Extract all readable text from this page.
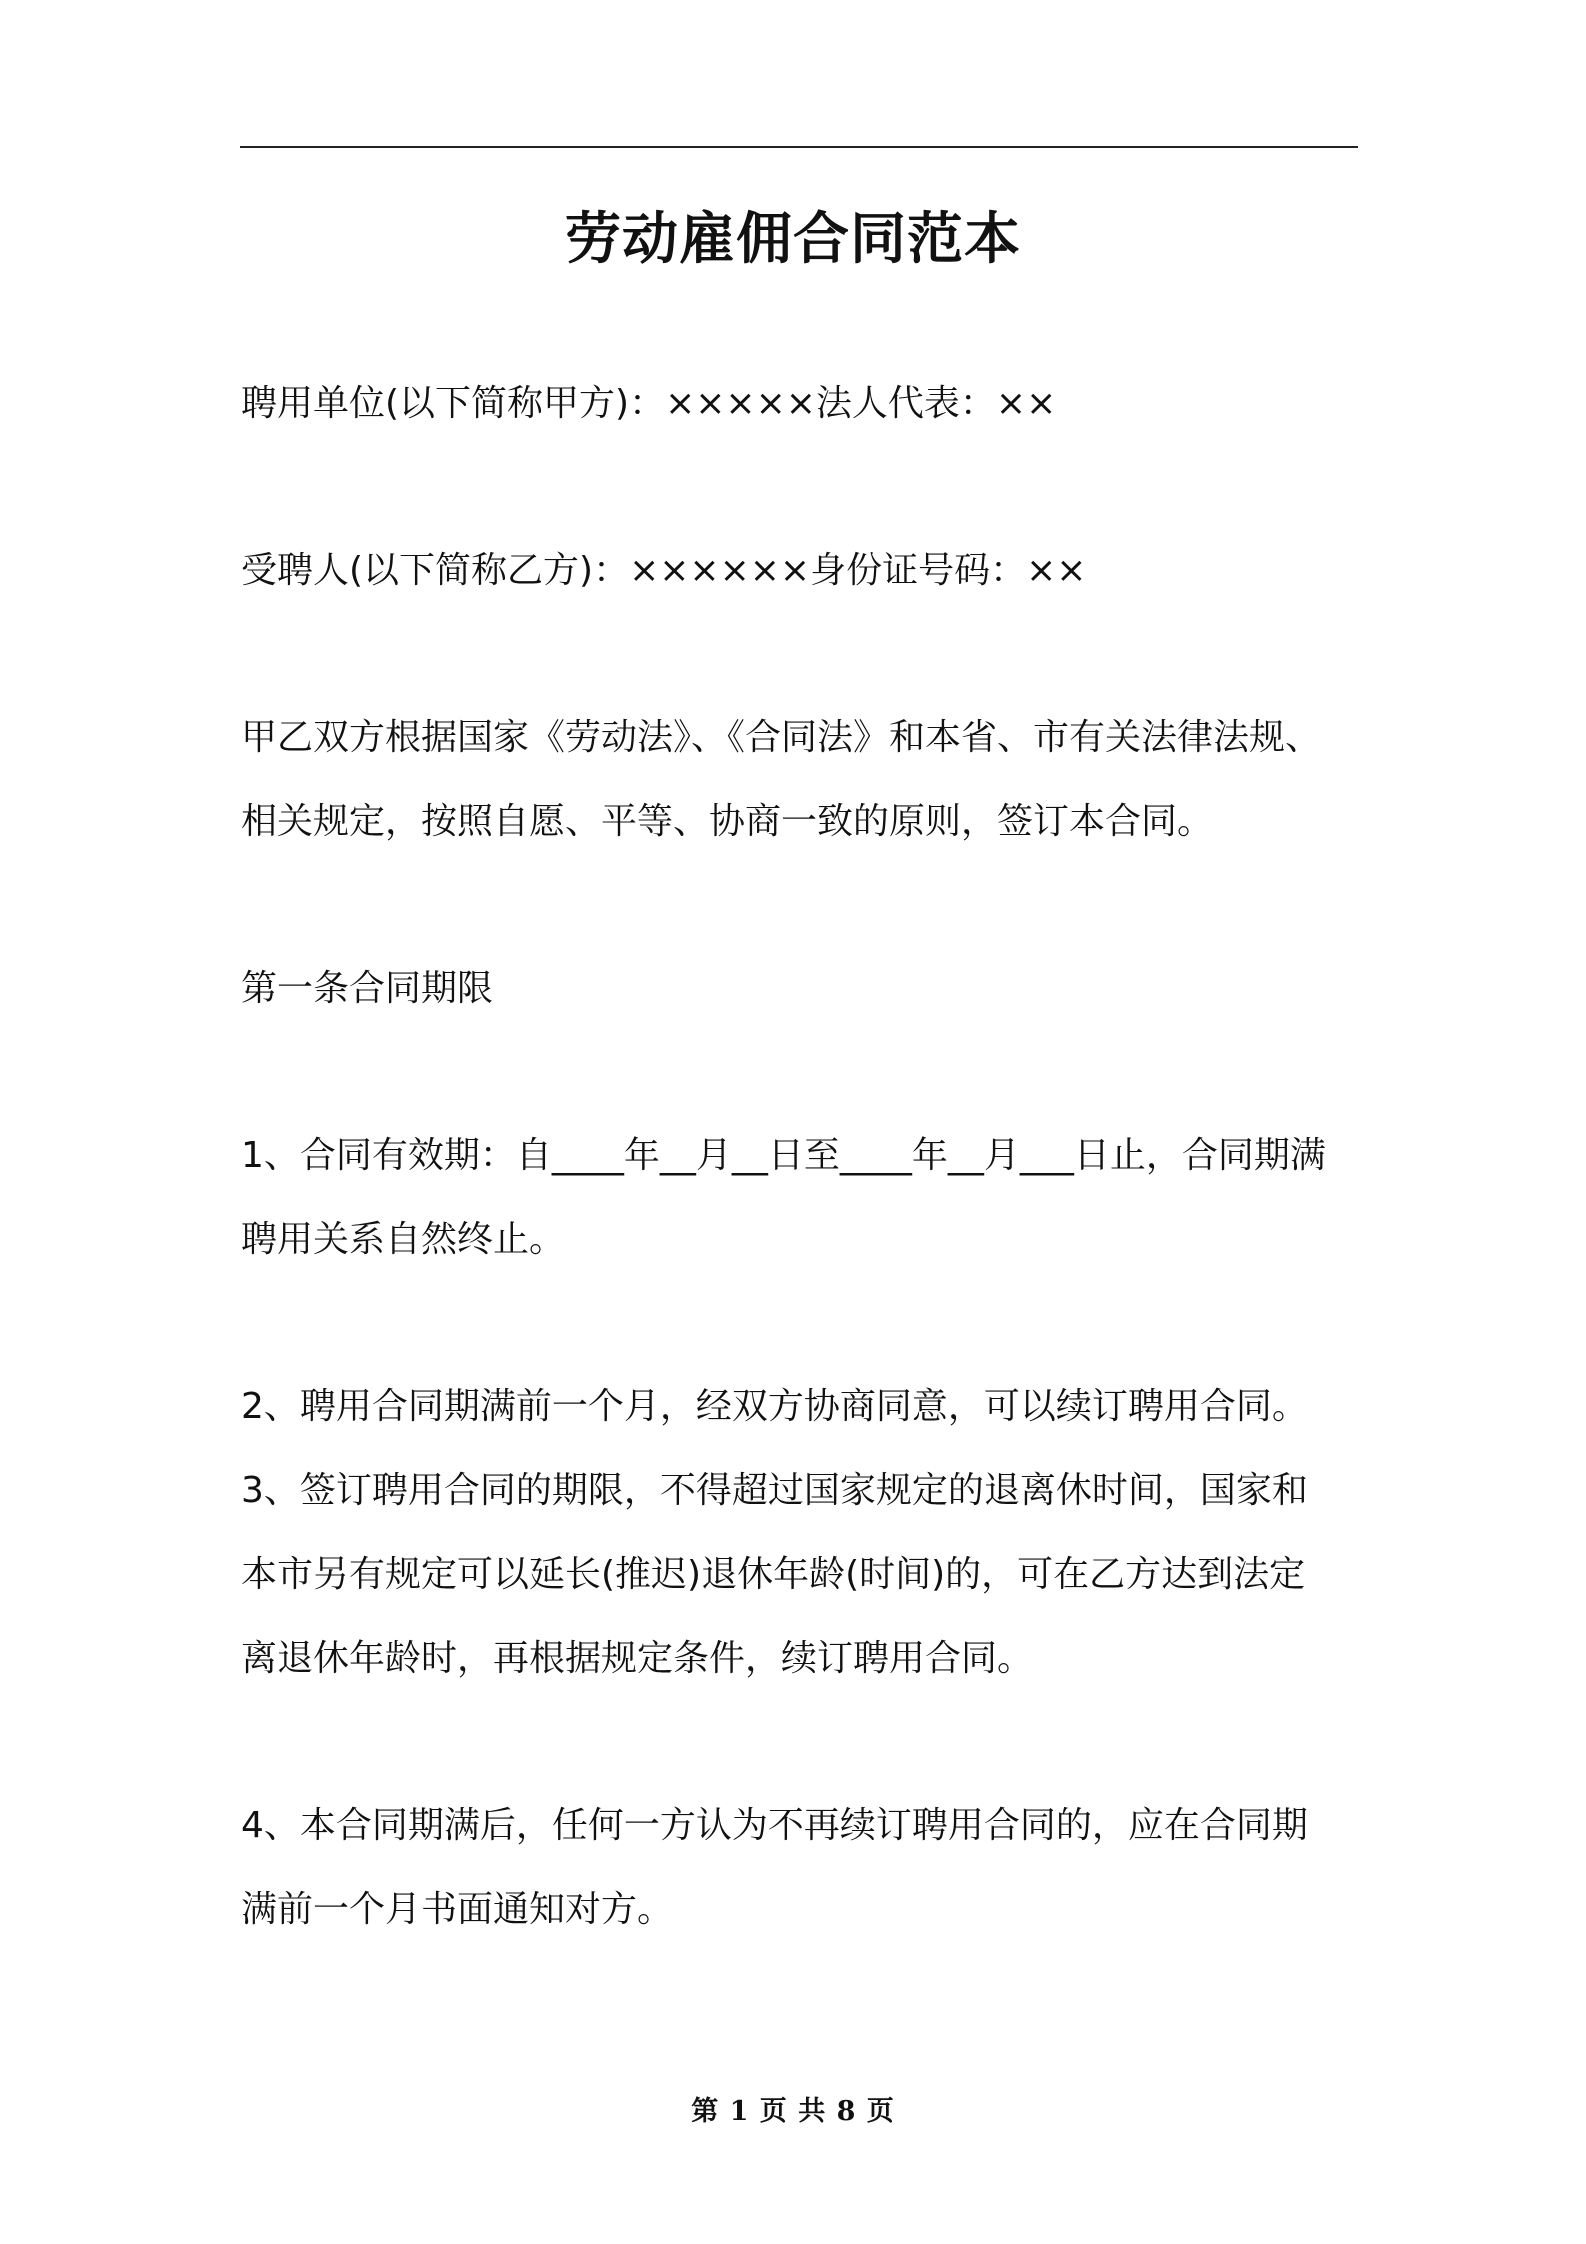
劳动雇佣合同范本

聘用单位(以下简称甲方)：×××××法人代表：××

受聘人(以下简称乙方)：××××××身份证号码：××

甲乙双方根据国家《劳动法》、《合同法》和本省、市有关法律法规、

相关规定，按照自愿、平等、协商一致的原则，签订本合同。

第一条合同期限

1、合同有效期：自____年__月__日至____年__月___日止，合同期满

聘用关系自然终止。

2、聘用合同期满前一个月，经双方协商同意，可以续订聘用合同。

3、签订聘用合同的期限，不得超过国家规定的退离休时间，国家和

本市另有规定可以延长(推迟)退休年龄(时间)的，可在乙方达到法定

离退休年龄时，再根据规定条件，续订聘用合同。

4、本合同期满后，任何一方认为不再续订聘用合同的，应在合同期

满前一个月书面通知对方。

第 1 页 共 8 页
